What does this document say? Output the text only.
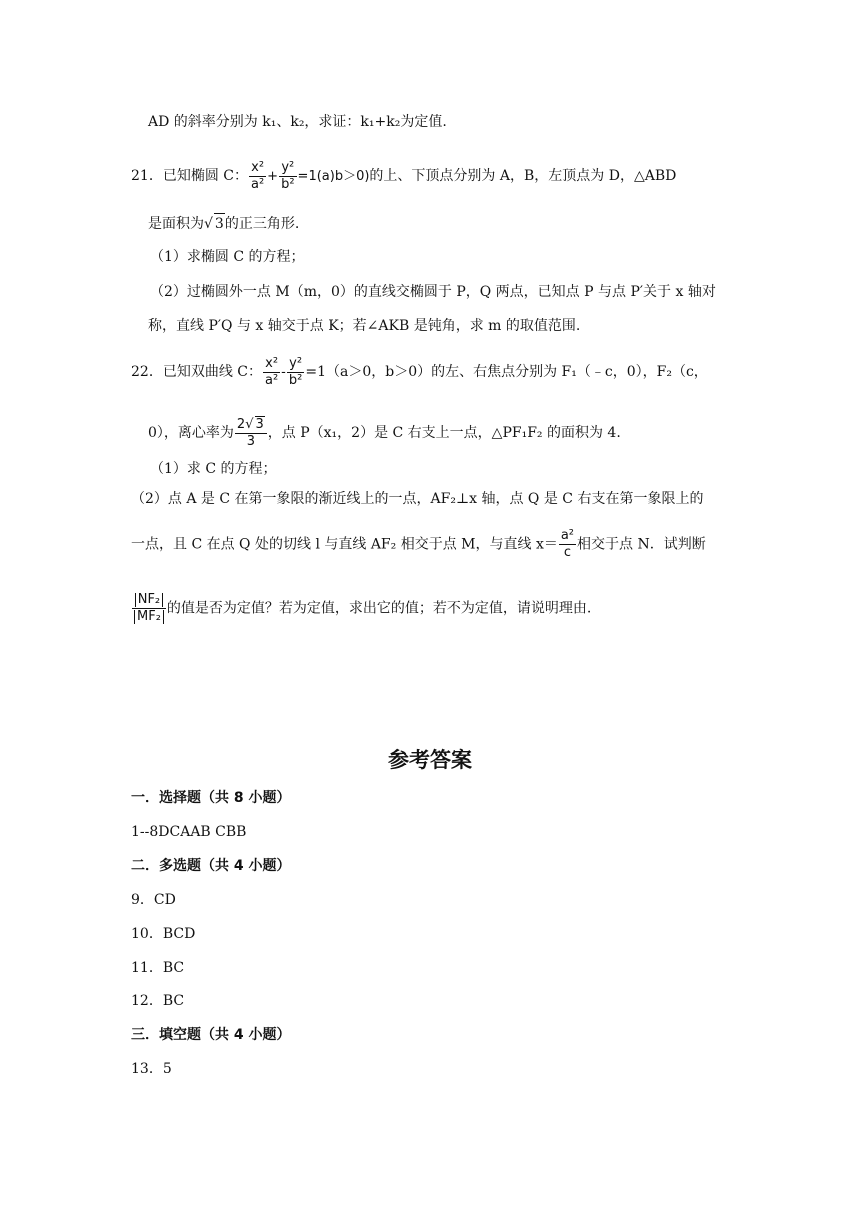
AD 的斜率分别为 k₁、k₂，求证：k₁+k₂为定值.
21．已知椭圆 C： $\frac{\text{x²}}{\text{a²}} + \frac{\text{y²}}{\text{b²}} =1(a)b>0$)的上、下顶点分别为 A，B，左顶点为 D，△ABD
是面积为√ 3的正三角形.
（1）求椭圆 C 的方程；
（2）过椭圆外一点 M（m，0）的直线交椭圆于 P，Q 两点，已知点 P 与点 P′关于 x 轴对
称，直线 P′Q 与 x 轴交于点 K；若∠AKB 是钝角，求 m 的取值范围.
22．已知双曲线 C： $\frac{\text{x²}}{\text{a²}} - \frac{\text{y²}}{\text{b²}} =1(a>0$，b＞0）的左、右焦点分别为 F₁（﹣c，0），F₂（c，
0），离心率为 $\frac{2√ 3}{3}$ ，点 P（x₁，2）是 C 右支上一点，△PF₁F₂ 的面积为 4.
（1）求 C 的方程；
（2）点 A 是 C 在第一象限的渐近线上的一点，AF₂⊥x 轴，点 Q 是 C 右支在第一象限上的
一点，且 C 在点 Q 处的切线 l 与直线 AF₂ 相交于点 M，与直线 $x= \frac{\text{a²}}{c}$ 相交于点 N．试判断
$\frac{\text{NF₂}}{\text{MF₂}}$ 的值是否为定值？若为定值，求出它的值；若不为定值，请说明理由.
参考答案
一．选择题（共 8 小题）
1--8DCAAB CBB
二．多选题（共 4 小题）
9．CD
10．BCD
11．BC
12．BC
三．填空题（共 4 小题）
13．5
